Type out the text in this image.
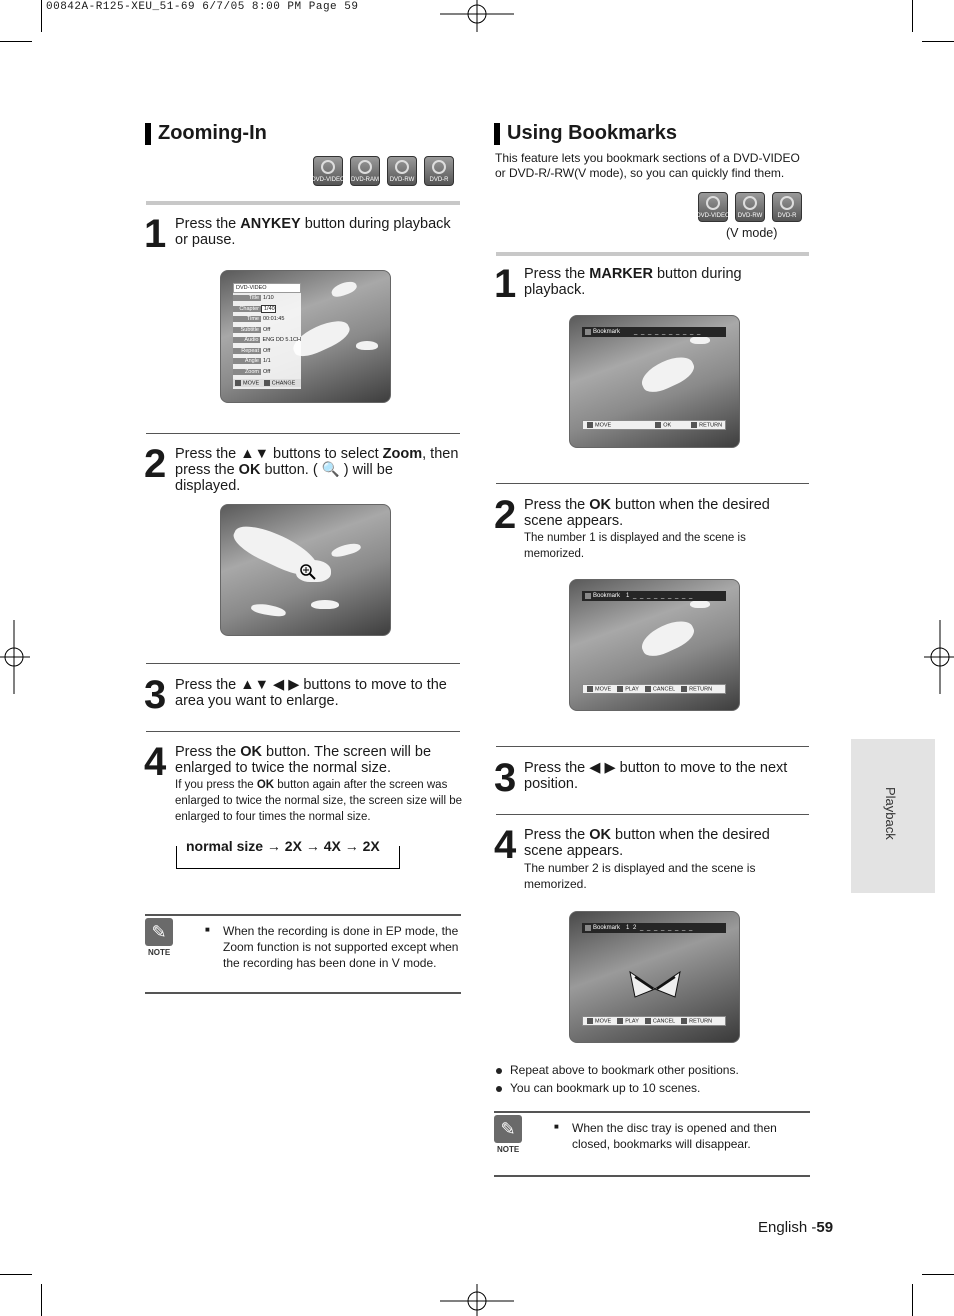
00842A-R125-XEU_51-69 6/7/05 8:00 PM Page 59
Zooming-In
DVD-VIDEO DVD-RAM DVD-RW	DVD-R
1 Press the ANYKEY button during playback or pause.
DVD-VIDEO
Title 1/10
Chapter 1/40
Time 00:01:45
Subtitle Off
Audio ENG DD 5.1CH
Repeat Off
Angle 1/1
Zoom Off
MOVE CHANGE
2 Press the ▲▼ buttons to select Zoom, then press the OK button. ( 🔍 ) will be displayed.
3 Press the ▲▼ ◀ ▶ buttons to move to the area you want to enlarge.
4 Press the OK button. The screen will be enlarged to twice the normal size.
If you press the OK button again after the screen was enlarged to twice the normal size, the screen size will be enlarged to four times the normal size.
normal size → 2X → 4X → 2X
✎
NOTE
■ When the recording is done in EP mode, the Zoom function is not supported except when the recording has been done in V mode.
Using Bookmarks
This feature lets you bookmark sections of a DVD-VIDEO or DVD-R/-RW(V mode), so you can quickly find them.
DVD-VIDEO DVD-RW	DVD-R
(V mode)
1 Press the MARKER button during playback.
Bookmark _ _ _ _ _ _ _ _ _ _
MOVE	OK	RETURN
2 Press the OK button when the desired scene appears.
The number 1 is displayed and the scene is memorized.
Bookmark 1 _ _ _ _ _ _ _ _ _
MOVE	PLAY	CANCEL	RETURN
3 Press the ◀ ▶ button to move to the next position.
4 Press the OK button when the desired scene appears.
The number 2 is displayed and the scene is memorized.
Bookmark 1 2 _ _ _ _ _ _ _ _
MOVE	PLAY	CANCEL	RETURN
Repeat above to bookmark other positions.
You can bookmark up to 10 scenes.
✎
NOTE
■ When the disc tray is opened and then closed, bookmarks will disappear.
Playback
English -59
